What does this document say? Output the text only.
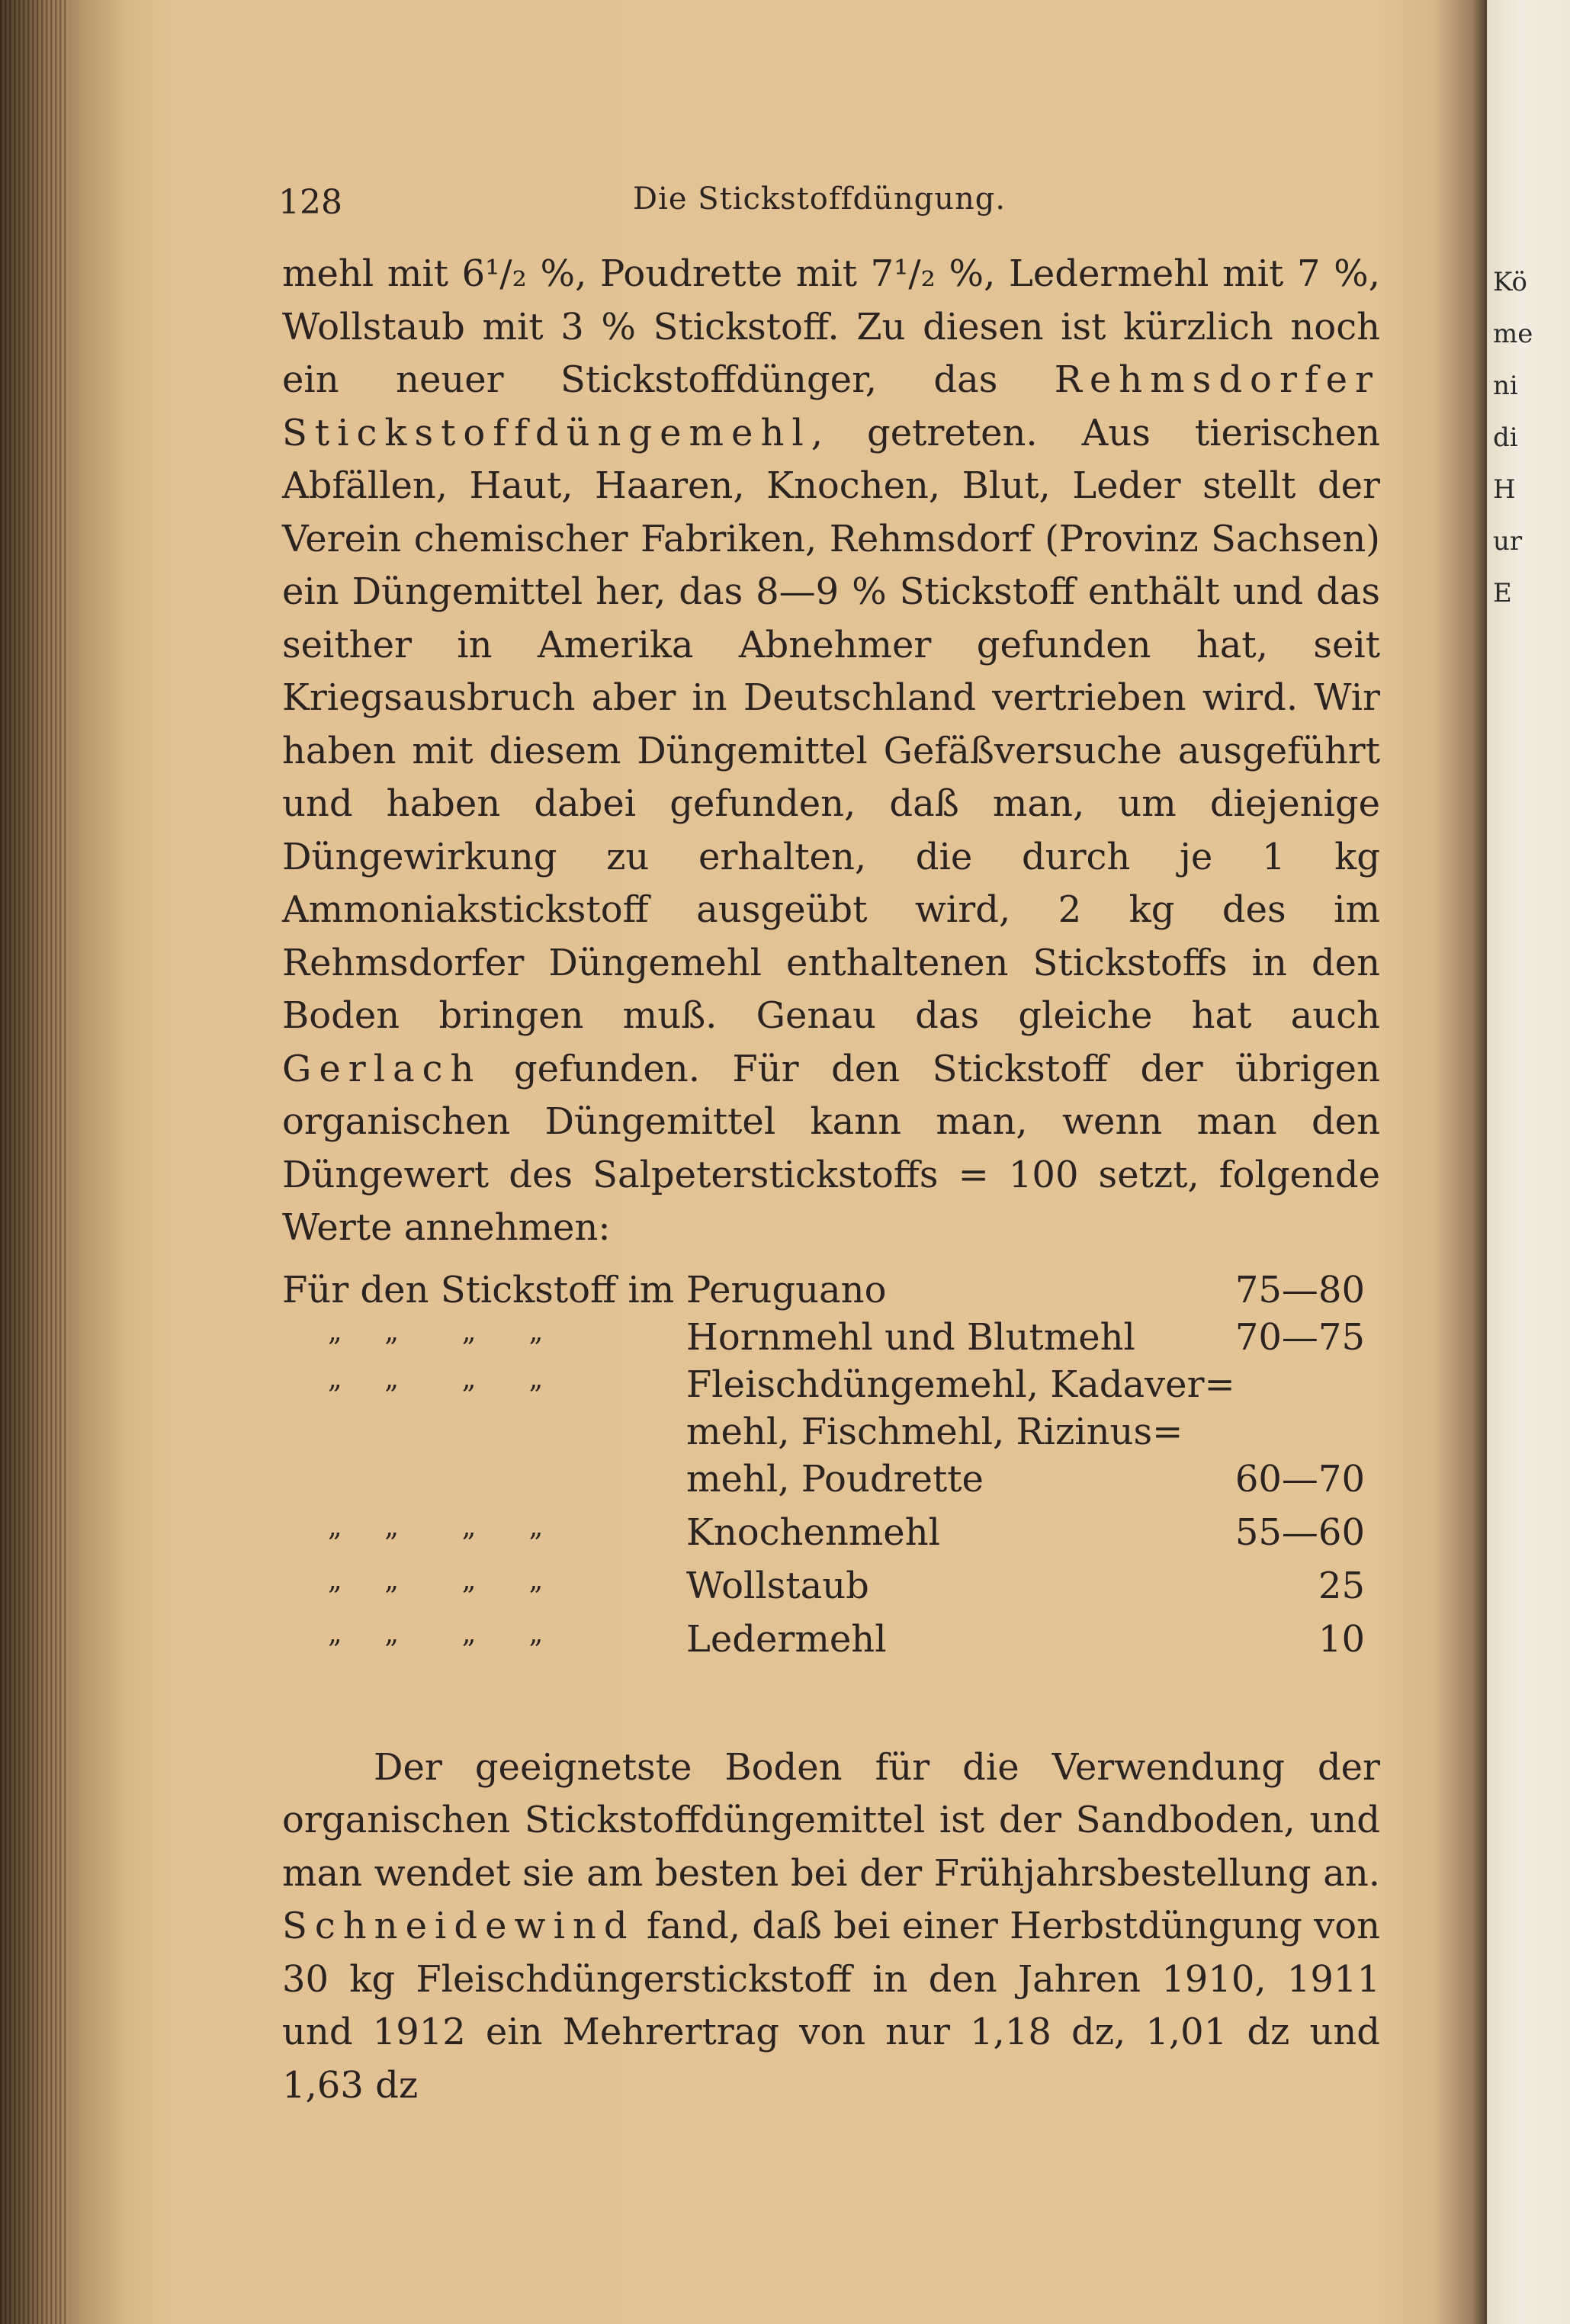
Kö
me
ni
di
H
ur
E
128	Die Stickstoffdüngung.

mehl mit 6¹/₂ %, Poudrette mit 7¹/₂ %, Ledermehl mit 7 %, Wollstaub mit 3 % Stickstoff. Zu diesen ist kürzlich noch ein neuer Stickstoffdünger, das Rehmsdorfer Stickstoffdüngemehl, getreten. Aus tierischen Abfällen, Haut, Haaren, Knochen, Blut, Leder stellt der Verein chemischer Fabriken, Rehmsdorf (Provinz Sachsen) ein Düngemittel her, das 8—9 % Stickstoff enthält und das seither in Amerika Abnehmer gefunden hat, seit Kriegsausbruch aber in Deutschland vertrieben wird. Wir haben mit diesem Düngemittel Gefäßversuche ausgeführt und haben dabei gefunden, daß man, um diejenige Düngewirkung zu erhalten, die durch je 1 kg Ammoniakstickstoff ausgeübt wird, 2 kg des im Rehmsdorfer Düngemehl enthaltenen Stickstoffs in den Boden bringen muß. Genau das gleiche hat auch Gerlach gefunden. Für den Stickstoff der übrigen organischen Düngemittel kann man, wenn man den Düngewert des Salpeterstickstoffs = 100 setzt, folgende Werte annehmen:

Für den Stickstoff im Peruguano	75—80
„    „      „     „	Hornmehl und Blutmehl	70—75
„    „      „     „	Fleischdüngemehl, Kadaver=
mehl, Fischmehl, Rizinus=
mehl, Poudrette	60—70
„    „      „     „	Knochenmehl	55—60
„    „      „     „	Wollstaub	25
„    „      „     „	Ledermehl	10

Der geeignetste Boden für die Verwendung der organischen Stickstoffdüngemittel ist der Sandboden, und man wendet sie am besten bei der Frühjahrsbestellung an. Schneidewind fand, daß bei einer Herbstdüngung von 30 kg Fleischdüngerstickstoff in den Jahren 1910, 1911 und 1912 ein Mehrertrag von nur 1,18 dz, 1,01 dz und 1,63 dz
